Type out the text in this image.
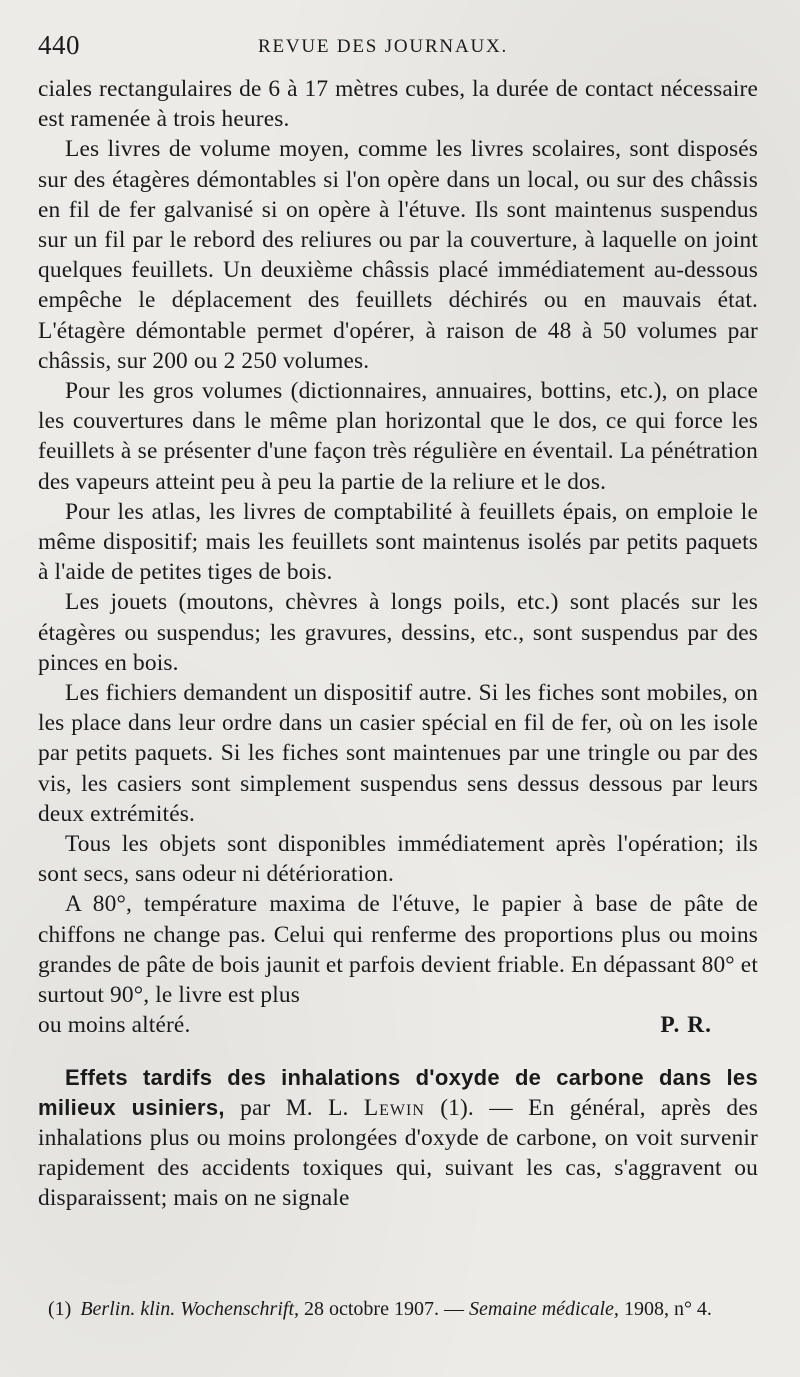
440	REVUE DES JOURNAUX.

ciales rectangulaires de 6 à 17 mètres cubes, la durée de contact nécessaire est ramenée à trois heures.

Les livres de volume moyen, comme les livres scolaires, sont disposés sur des étagères démontables si l'on opère dans un local, ou sur des châssis en fil de fer galvanisé si on opère à l'étuve. Ils sont maintenus suspendus sur un fil par le rebord des reliures ou par la couverture, à laquelle on joint quelques feuillets. Un deuxième châssis placé immédiatement au-dessous empêche le déplacement des feuillets déchirés ou en mauvais état. L'étagère démontable permet d'opérer, à raison de 48 à 50 volumes par châssis, sur 200 ou 2 250 volumes.

Pour les gros volumes (dictionnaires, annuaires, bottins, etc.), on place les couvertures dans le même plan horizontal que le dos, ce qui force les feuillets à se présenter d'une façon très régulière en éventail. La pénétration des vapeurs atteint peu à peu la partie de la reliure et le dos.

Pour les atlas, les livres de comptabilité à feuillets épais, on emploie le même dispositif; mais les feuillets sont maintenus isolés par petits paquets à l'aide de petites tiges de bois.

Les jouets (moutons, chèvres à longs poils, etc.) sont placés sur les étagères ou suspendus; les gravures, dessins, etc., sont suspendus par des pinces en bois.

Les fichiers demandent un dispositif autre. Si les fiches sont mobiles, on les place dans leur ordre dans un casier spécial en fil de fer, où on les isole par petits paquets. Si les fiches sont maintenues par une tringle ou par des vis, les casiers sont simplement suspendus sens dessus dessous par leurs deux extrémités.

Tous les objets sont disponibles immédiatement après l'opération; ils sont secs, sans odeur ni détérioration.

A 80°, température maxima de l'étuve, le papier à base de pâte de chiffons ne change pas. Celui qui renferme des proportions plus ou moins grandes de pâte de bois jaunit et parfois devient friable. En dépassant 80° et surtout 90°, le livre est plus

ou moins altéré.	P. R.

Effets tardifs des inhalations d'oxyde de carbone dans les milieux usiniers, par M. L. Lewin (1). — En général, après des inhalations plus ou moins prolongées d'oxyde de carbone, on voit survenir rapidement des accidents toxiques qui, suivant les cas, s'aggravent ou disparaissent; mais on ne signale

(1) Berlin. klin. Wochenschrift, 28 octobre 1907. — Semaine médicale, 1908, n° 4.
